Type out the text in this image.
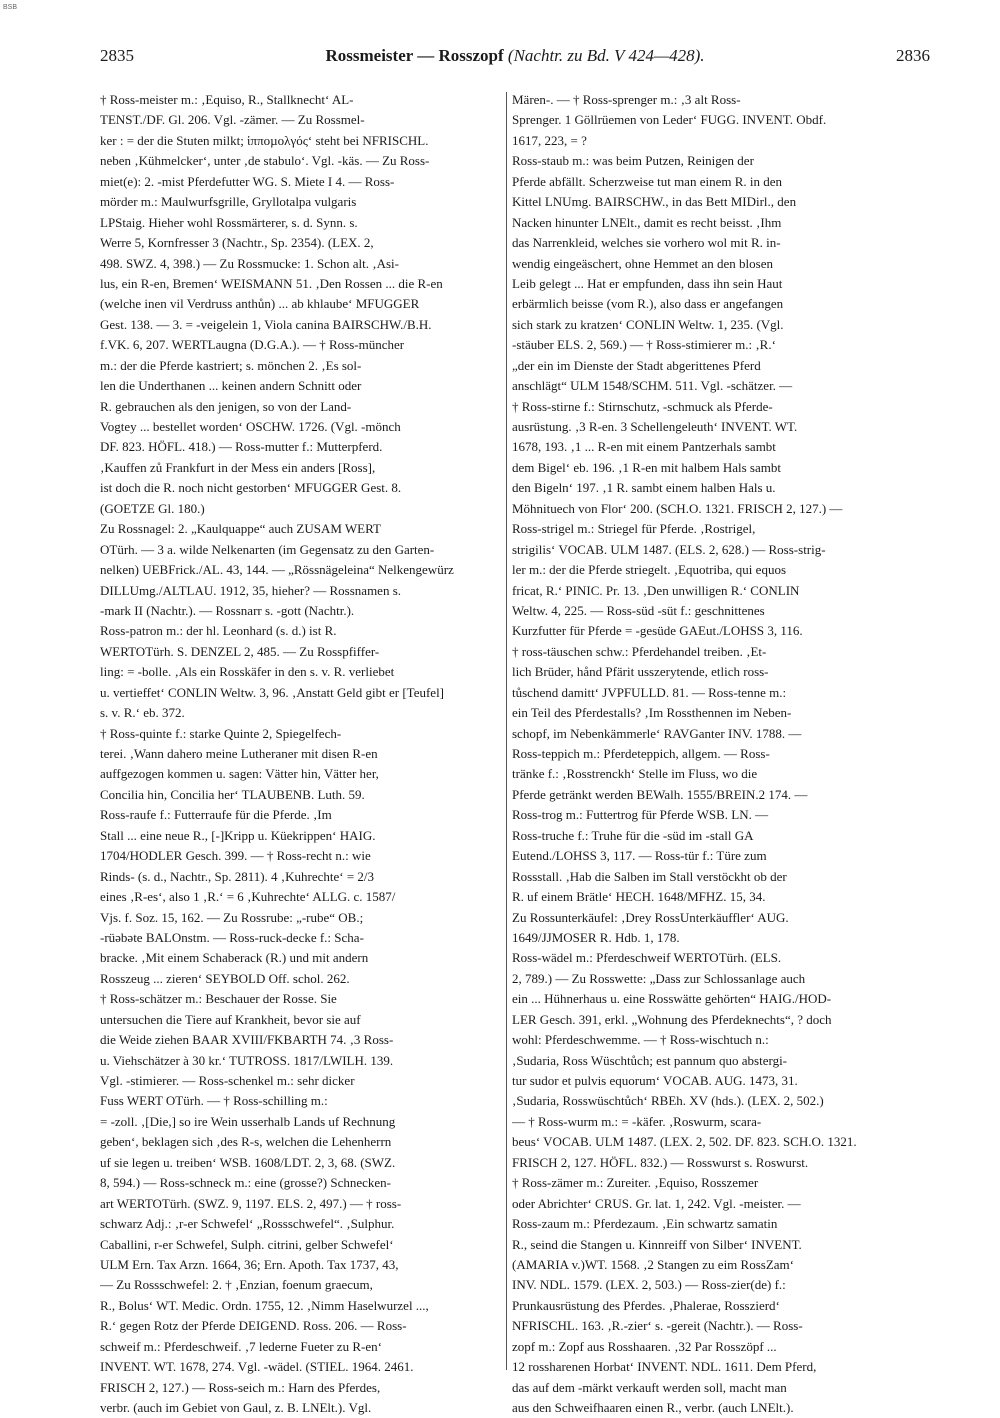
BSB
2835	Rossmeister — Rosszopf (Nachtr. zu Bd. V 424—428).	2836
† Ross-meister m.: ‚Equiso, R., Stallknecht‘ AL-
TENST./DF. Gl. 206. Vgl. -zämer. — Zu Rossmel-
ker : = der die Stuten milkt; ἱπποµολγός‘ steht bei NFRISCHL.
neben ‚Kühmelcker‘, unter ‚de stabulo‘. Vgl. -käs. — Zu Ross-
miet(e): 2. -mist Pferdefutter WG. S. Miete I 4. — Ross-
mörder m.: Maulwurfsgrille, Gryllotalpa vulgaris
LPStaig. Hieher wohl Rossmärterer, s. d. Synn. s.
Werre 5, Kornfresser 3 (Nachtr., Sp. 2354). (LEX. 2,
498. SWZ. 4, 398.) — Zu Rossmucke: 1. Schon alt. ‚Asi-
lus, ein R-en, Bremen‘ WEISMANN 51. ‚Den Rossen ... die R-en
(welche inen vil Verdruss anthůn) ... ab khlaube‘ MFUGGER
Gest. 138. — 3. = -veigelein 1, Viola canina BAIRSCHW./B.H.
f.VK. 6, 207. WERTLaugna (D.G.A.). — † Ross-müncher
m.: der die Pferde kastriert; s. mönchen 2. ‚Es sol-
len die Underthanen ... keinen andern Schnitt oder
R. gebrauchen als den jenigen, so von der Land-
Vogtey ... bestellet worden‘ OSCHW. 1726. (Vgl. -mönch
DF. 823. HÖFL. 418.) — Ross-mutter f.: Mutterpferd.
‚Kauffen zů Frankfurt in der Mess ein anders [Ross],
ist doch die R. noch nicht gestorben‘ MFUGGER Gest. 8.
(GOETZE Gl. 180.)
Zu Rossnagel: 2. „Kaulquappe“ auch ZUSAM WERT
OTürh. — 3 a. wilde Nelkenarten (im Gegensatz zu den Garten-
nelken) UEBFrick./AL. 43, 144. — „Rössnägeleina“ Nelkengewürz
DILLUmg./ALTLAU. 1912, 35, hieher? — Rossnamen s.
-mark II (Nachtr.). — Rossnarr s. -gott (Nachtr.).
Ross-patron m.: der hl. Leonhard (s. d.) ist R.
WERTOTürh. S. DENZEL 2, 485. — Zu Rosspfiffer-
ling: = -bolle. ‚Als ein Rosskäfer in den s. v. R. verliebet
u. vertieffet‘ CONLIN Weltw. 3, 96. ‚Anstatt Geld gibt er [Teufel]
s. v. R.‘ eb. 372.
† Ross-quinte f.: starke Quinte 2, Spiegelfech-
terei. ‚Wann dahero meine Lutheraner mit disen R-en
auffgezogen kommen u. sagen: Vätter hin, Vätter her,
Concilia hin, Concilia her‘ TLAUBENB. Luth. 59.
Ross-raufe f.: Futterraufe für die Pferde. ‚Im
Stall ... eine neue R., [-]Kripp u. Küekrippen‘ HAIG.
1704/HODLER Gesch. 399. — † Ross-recht n.: wie
Rinds- (s. d., Nachtr., Sp. 2811). 4 ‚Kuhrechte‘ = 2/3
eines ‚R-es‘, also 1 ‚R.‘ = 6 ‚Kuhrechte‘ ALLG. c. 1587/
Vjs. f. Soz. 15, 162. — Zu Rossrube: „-rube“ OB.;
-rüəbəte BALOnstm. — Ross-ruck-decke f.: Scha-
bracke. ‚Mit einem Schaberack (R.) und mit andern
Rosszeug ... zieren‘ SEYBOLD Off. schol. 262.
† Ross-schätzer m.: Beschauer der Rosse. Sie
untersuchen die Tiere auf Krankheit, bevor sie auf
die Weide ziehen BAAR XVIII/FKBARTH 74. ‚3 Ross-
u. Viehschätzer à 30 kr.‘ TUTROSS. 1817/LWILH. 139.
Vgl. -stimierer. — Ross-schenkel m.: sehr dicker
Fuss WERT OTürh. — † Ross-schilling m.:
= -zoll. ‚[Die,] so ire Wein usserhalb Lands uf Rechnung
geben‘, beklagen sich ‚des R-s, welchen die Lehenherrn
uf sie legen u. treiben‘ WSB. 1608/LDT. 2, 3, 68. (SWZ.
8, 594.) — Ross-schneck m.: eine (grosse?) Schnecken-
art WERTOTürh. (SWZ. 9, 1197. ELS. 2, 497.) — † ross-
schwarz Adj.: ‚r-er Schwefel‘ „Rossschwefel“. ‚Sulphur.
Caballini, r-er Schwefel, Sulph. citrini, gelber Schwefel‘
ULM Ern. Tax Arzn. 1664, 36; Ern. Apoth. Tax 1737, 43,
— Zu Rossschwefel: 2. † ‚Enzian, foenum graecum,
R., Bolus‘ WT. Medic. Ordn. 1755, 12. ‚Nimm Haselwurzel ...,
R.‘ gegen Rotz der Pferde DEIGEND. Ross. 206. — Ross-
schweif m.: Pferdeschweif. ‚7 lederne Fueter zu R-en‘
INVENT. WT. 1678, 274. Vgl. -wädel. (STIEL. 1964. 2461.
FRISCH 2, 127.) — Ross-seich m.: Harn des Pferdes,
verbr. (auch im Gebiet von Gaul, z. B. LNElt.). Vgl.
Mären-. — † Ross-sprenger m.: ‚3 alt Ross-
Sprenger. 1 Göllrüemen von Leder‘ FUGG. INVENT. Obdf.
1617, 223, = ?
Ross-staub m.: was beim Putzen, Reinigen der
Pferde abfällt. Scherzweise tut man einem R. in den
Kittel LNUmg. BAIRSCHW., in das Bett MIDirl., den
Nacken hinunter LNElt., damit es recht beisst. ‚Ihm
das Narrenkleid, welches sie vorhero wol mit R. in-
wendig eingeäschert, ohne Hemmet an den blosen
Leib gelegt ... Hat er empfunden, dass ihn sein Haut
erbärmlich beisse (vom R.), also dass er angefangen
sich stark zu kratzen‘ CONLIN Weltw. 1, 235. (Vgl.
-stäuber ELS. 2, 569.) — † Ross-stimierer m.: ‚R.‘
„der ein im Dienste der Stadt abgerittenes Pferd
anschlägt“ ULM 1548/SCHM. 511. Vgl. -schätzer. —
† Ross-stirne f.: Stirnschutz, -schmuck als Pferde-
ausrüstung. ‚3 R-en. 3 Schellengeleuth‘ INVENT. WT.
1678, 193. ‚1 ... R-en mit einem Pantzerhals sambt
dem Bigel‘ eb. 196. ‚1 R-en mit halbem Hals sambt
den Bigeln‘ 197. ‚1 R. sambt einem halben Hals u.
Möhnituech von Flor‘ 200. (SCH.O. 1321. FRISCH 2, 127.) —
Ross-strigel m.: Striegel für Pferde. ‚Rostrigel,
strigilis‘ VOCAB. ULM 1487. (ELS. 2, 628.) — Ross-strig-
ler m.: der die Pferde striegelt. ‚Equotriba, qui equos
fricat, R.‘ PINIC. Pr. 13. ‚Den unwilligen R.‘ CONLIN
Weltw. 4, 225. — Ross-süd -süt f.: geschnittenes
Kurzfutter für Pferde = -gesüde GAEut./LOHSS 3, 116.
† ross-täuschen schw.: Pferdehandel treiben. ‚Et-
lich Brüder, hånd Pfärit usszerytende, etlich ross-
tůschend damitt‘ JVPFULLD. 81. — Ross-tenne m.:
ein Teil des Pferdestalls? ‚Im Rossthennen im Neben-
schopf, im Nebenkämmerle‘ RAVGanter INV. 1788. —
Ross-teppich m.: Pferdeteppich, allgem. — Ross-
tränke f.: ‚Rosstrenckh‘ Stelle im Fluss, wo die
Pferde getränkt werden BEWalh. 1555/BREIN.2 174. —
Ross-trog m.: Futtertrog für Pferde WSB. LN. —
Ross-truche f.: Truhe für die -süd im -stall GA
Eutend./LOHSS 3, 117. — Ross-tür f.: Türe zum
Rossstall. ‚Hab die Salben im Stall verstöckht ob der
R. uf einem Brätle‘ HECH. 1648/MFHZ. 15, 34.
Zu Rossunterkäufel: ‚Drey RossUnterkäuffler‘ AUG.
1649/JJMOSER R. Hdb. 1, 178.
Ross-wädel m.: Pferdeschweif WERTOTürh. (ELS.
2, 789.) — Zu Rosswette: „Dass zur Schlossanlage auch
ein ... Hühnerhaus u. eine Rosswätte gehörten“ HAIG./HOD-
LER Gesch. 391, erkl. „Wohnung des Pferdeknechts“, ? doch
wohl: Pferdeschwemme. — † Ross-wischtuch n.:
‚Sudaria, Ross Wüschtůch; est pannum quo abstergi-
tur sudor et pulvis equorum‘ VOCAB. AUG. 1473, 31.
‚Sudaria, Rosswüschtůch‘ RBEh. XV (hds.). (LEX. 2, 502.)
— † Ross-wurm m.: = -käfer. ‚Roswurm, scara-
beus‘ VOCAB. ULM 1487. (LEX. 2, 502. DF. 823. SCH.O. 1321.
FRISCH 2, 127. HÖFL. 832.) — Rosswurst s. Roswurst.
† Ross-zämer m.: Zureiter. ‚Equiso, Rosszemer
oder Abrichter‘ CRUS. Gr. lat. 1, 242. Vgl. -meister. —
Ross-zaum m.: Pferdezaum. ‚Ein schwartz samatin
R., seind die Stangen u. Kinnreiff von Silber‘ INVENT.
(AMARIA v.)WT. 1568. ‚2 Stangen zu eim RossZam‘
INV. NDL. 1579. (LEX. 2, 503.) — Ross-zier(de) f.:
Prunkausrüstung des Pferdes. ‚Phalerae, Rosszierd‘
NFRISCHL. 163. ‚R.-zier‘ s. -gereit (Nachtr.). — Ross-
zopf m.: Zopf aus Rosshaaren. ‚32 Par Rosszöpf ...
12 rossharenen Horbat‘ INVENT. NDL. 1611. Dem Pferd,
das auf dem -märkt verkauft werden soll, macht man
aus den Schweifhaaren einen R., verbr. (auch LNElt.).
